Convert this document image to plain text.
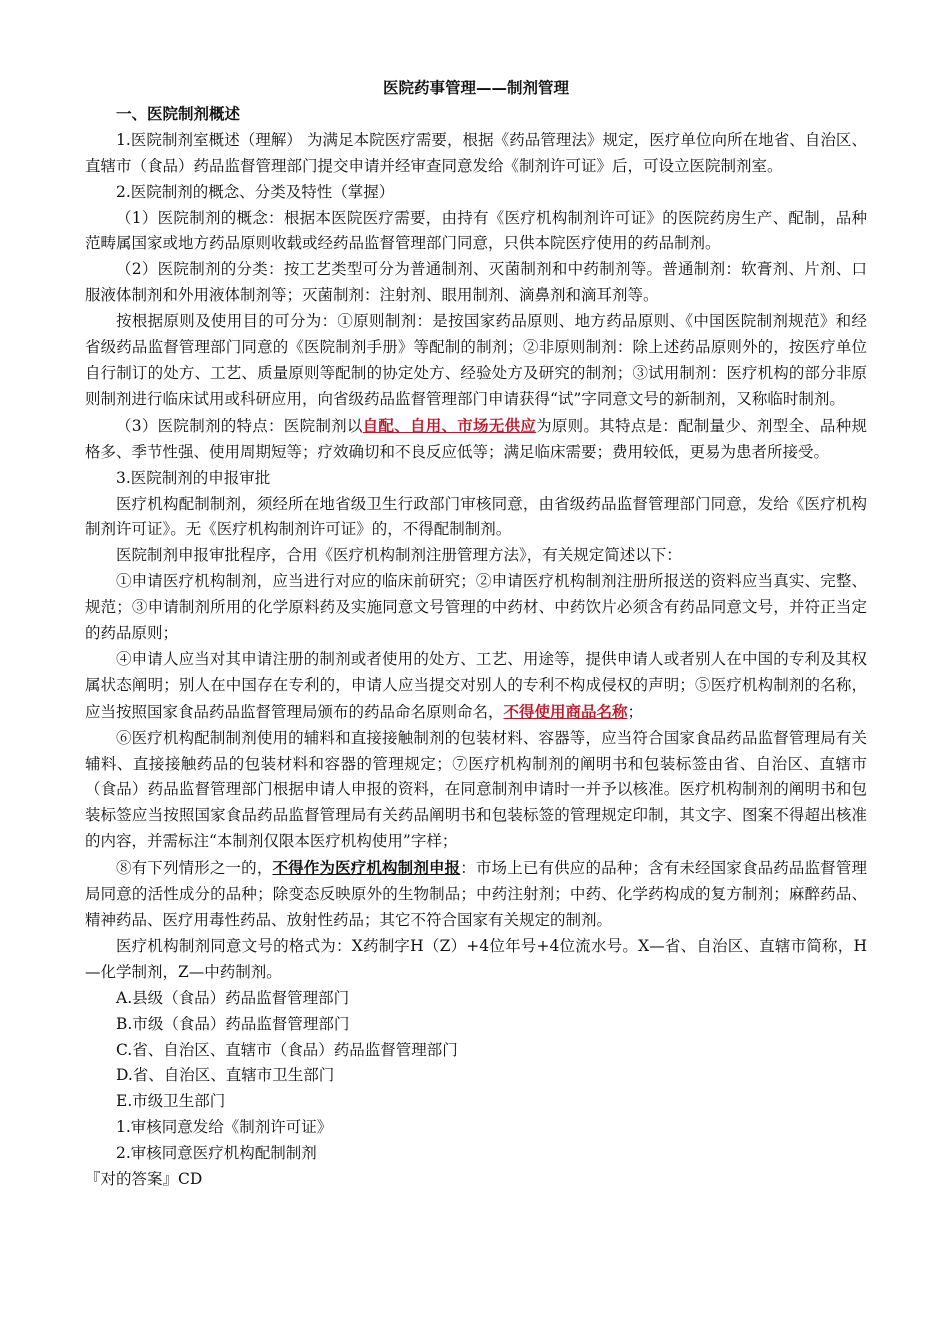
医院药事管理——制剂管理

一、医院制剂概述

1.医院制剂室概述（理解） 为满足本院医疗需要，根据《药品管理法》规定，医疗单位向所在地省、自治区、直辖市（食品）药品监督管理部门提交申请并经审查同意发给《制剂许可证》后，可设立医院制剂室。

2.医院制剂的概念、分类及特性（掌握）

（1）医院制剂的概念：根据本医院医疗需要，由持有《医疗机构制剂许可证》的医院药房生产、配制，品种范畴属国家或地方药品原则收载或经药品监督管理部门同意，只供本院医疗使用的药品制剂。

（2）医院制剂的分类：按工艺类型可分为普通制剂、灭菌制剂和中药制剂等。普通制剂：软膏剂、片剂、口服液体制剂和外用液体制剂等；灭菌制剂：注射剂、眼用制剂、滴鼻剂和滴耳剂等。

按根据原则及使用目的可分为：①原则制剂：是按国家药品原则、地方药品原则、《中国医院制剂规范》和经省级药品监督管理部门同意的《医院制剂手册》等配制的制剂；②非原则制剂：除上述药品原则外的，按医疗单位自行制订的处方、工艺、质量原则等配制的协定处方、经验处方及研究的制剂；③试用制剂：医疗机构的部分非原则制剂进行临床试用或科研应用，向省级药品监督管理部门申请获得“试”字同意文号的新制剂，又称临时制剂。

（3）医院制剂的特点：医院制剂以自配、自用、市场无供应为原则。其特点是：配制量少、剂型全、品种规格多、季节性强、使用周期短等；疗效确切和不良反应低等；满足临床需要；费用较低，更易为患者所接受。

3.医院制剂的申报审批

医疗机构配制制剂，须经所在地省级卫生行政部门审核同意，由省级药品监督管理部门同意，发给《医疗机构制剂许可证》。无《医疗机构制剂许可证》的，不得配制制剂。

医院制剂申报审批程序，合用《医疗机构制剂注册管理方法》，有关规定简述以下：

①申请医疗机构制剂，应当进行对应的临床前研究；②申请医疗机构制剂注册所报送的资料应当真实、完整、规范；③申请制剂所用的化学原料药及实施同意文号管理的中药材、中药饮片必须含有药品同意文号，并符正当定的药品原则；

④申请人应当对其申请注册的制剂或者使用的处方、工艺、用途等，提供申请人或者别人在中国的专利及其权属状态阐明；别人在中国存在专利的，申请人应当提交对别人的专利不构成侵权的声明；⑤医疗机构制剂的名称，应当按照国家食品药品监督管理局颁布的药品命名原则命名，不得使用商品名称；

⑥医疗机构配制制剂使用的辅料和直接接触制剂的包装材料、容器等，应当符合国家食品药品监督管理局有关辅料、直接接触药品的包装材料和容器的管理规定；⑦医疗机构制剂的阐明书和包装标签由省、自治区、直辖市（食品）药品监督管理部门根据申请人申报的资料，在同意制剂申请时一并予以核准。医疗机构制剂的阐明书和包装标签应当按照国家食品药品监督管理局有关药品阐明书和包装标签的管理规定印制，其文字、图案不得超出核准的内容，并需标注“本制剂仅限本医疗机构使用”字样；

⑧有下列情形之一的，不得作为医疗机构制剂申报：市场上已有供应的品种；含有未经国家食品药品监督管理局同意的活性成分的品种；除变态反映原外的生物制品；中药注射剂；中药、化学药构成的复方制剂；麻醉药品、精神药品、医疗用毒性药品、放射性药品；其它不符合国家有关规定的制剂。

医疗机构制剂同意文号的格式为：X药制字H（Z）+4位年号+4位流水号。X—省、自治区、直辖市简称，H—化学制剂，Z—中药制剂。

A.县级（食品）药品监督管理部门

B.市级（食品）药品监督管理部门

C.省、自治区、直辖市（食品）药品监督管理部门

D.省、自治区、直辖市卫生部门

E.市级卫生部门

1.审核同意发给《制剂许可证》

2.审核同意医疗机构配制制剂

『对的答案』CD
